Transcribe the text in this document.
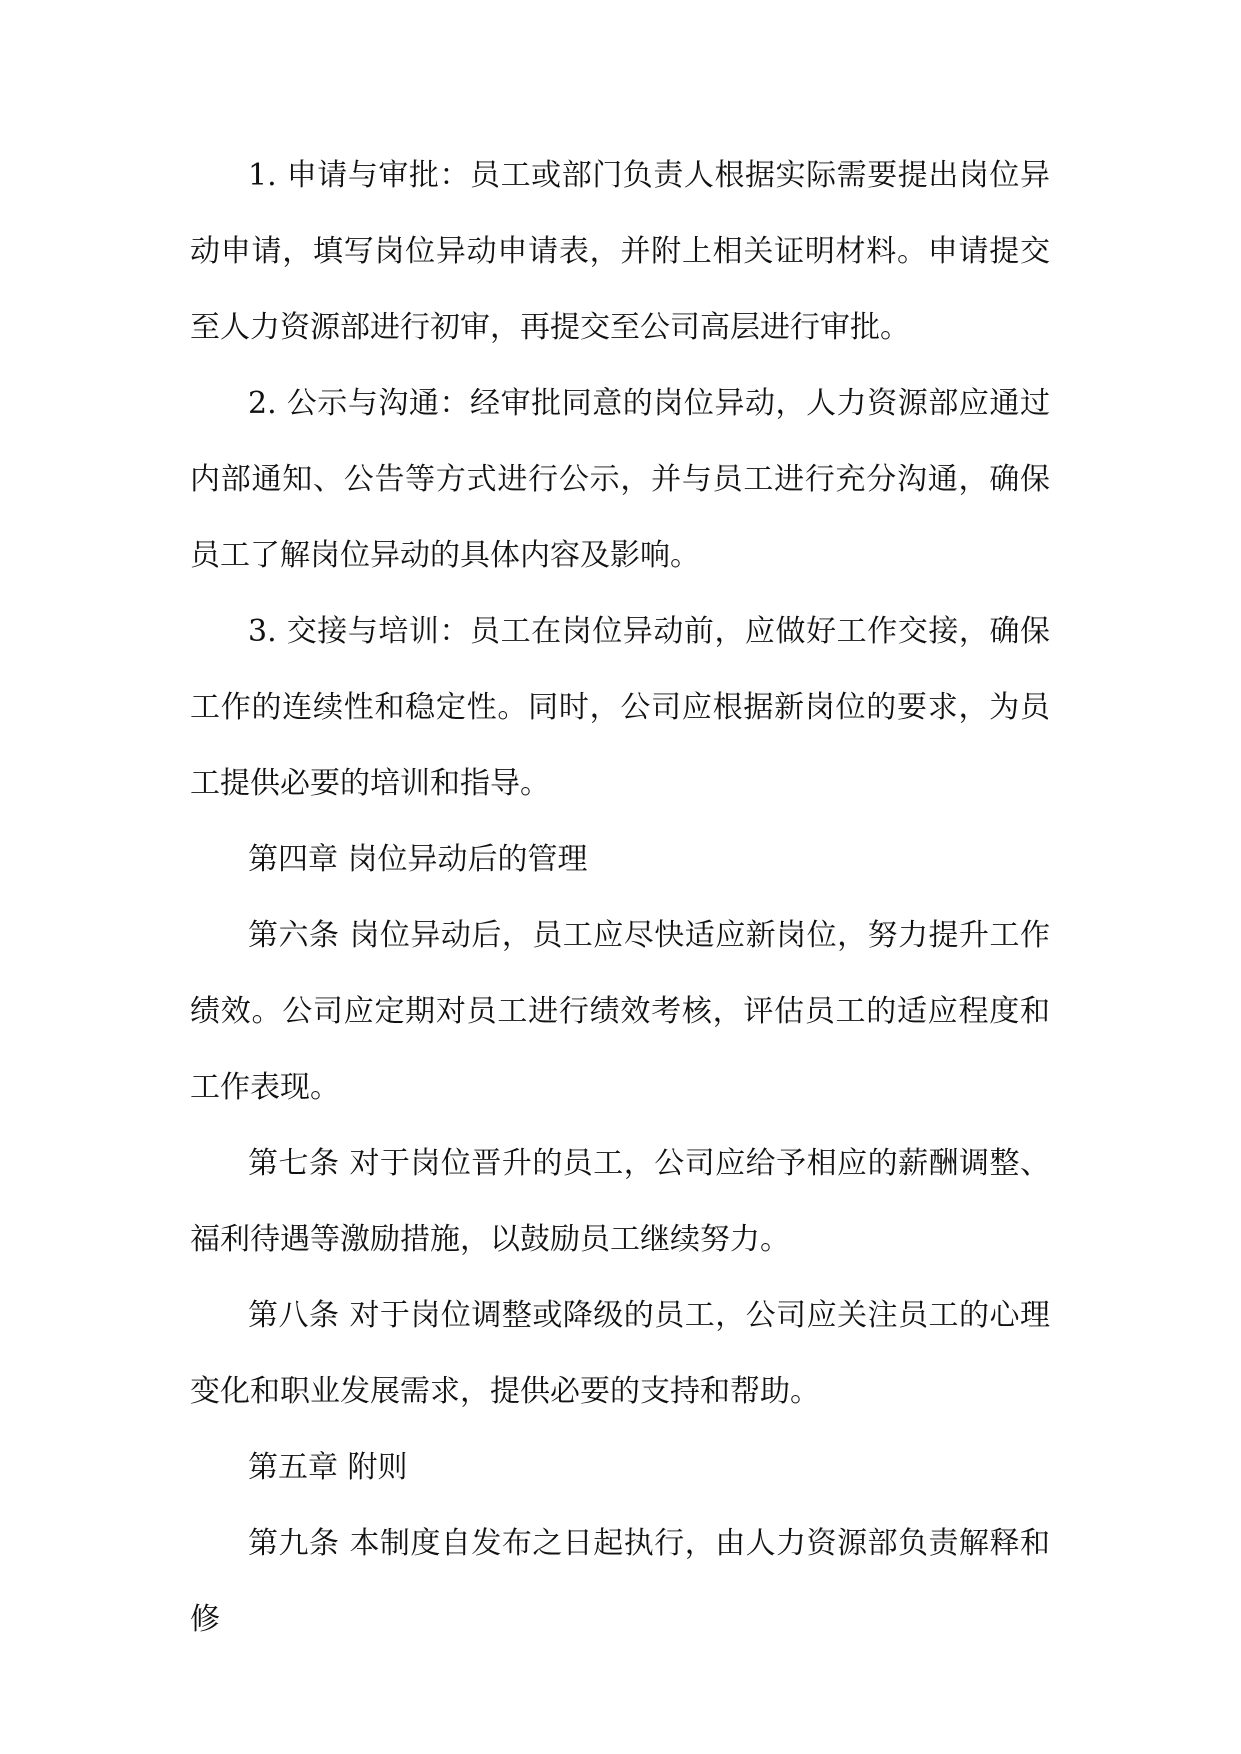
1. 申请与审批：员工或部门负责人根据实际需要提出岗位异动申请，填写岗位异动申请表，并附上相关证明材料。申请提交至人力资源部进行初审，再提交至公司高层进行审批。

2. 公示与沟通：经审批同意的岗位异动，人力资源部应通过内部通知、公告等方式进行公示，并与员工进行充分沟通，确保员工了解岗位异动的具体内容及影响。

3. 交接与培训：员工在岗位异动前，应做好工作交接，确保工作的连续性和稳定性。同时，公司应根据新岗位的要求，为员工提供必要的培训和指导。

第四章 岗位异动后的管理

第六条 岗位异动后，员工应尽快适应新岗位，努力提升工作绩效。公司应定期对员工进行绩效考核，评估员工的适应程度和工作表现。

第七条 对于岗位晋升的员工，公司应给予相应的薪酬调整、福利待遇等激励措施，以鼓励员工继续努力。

第八条 对于岗位调整或降级的员工，公司应关注员工的心理变化和职业发展需求，提供必要的支持和帮助。

第五章 附则

第九条 本制度自发布之日起执行，由人力资源部负责解释和修
